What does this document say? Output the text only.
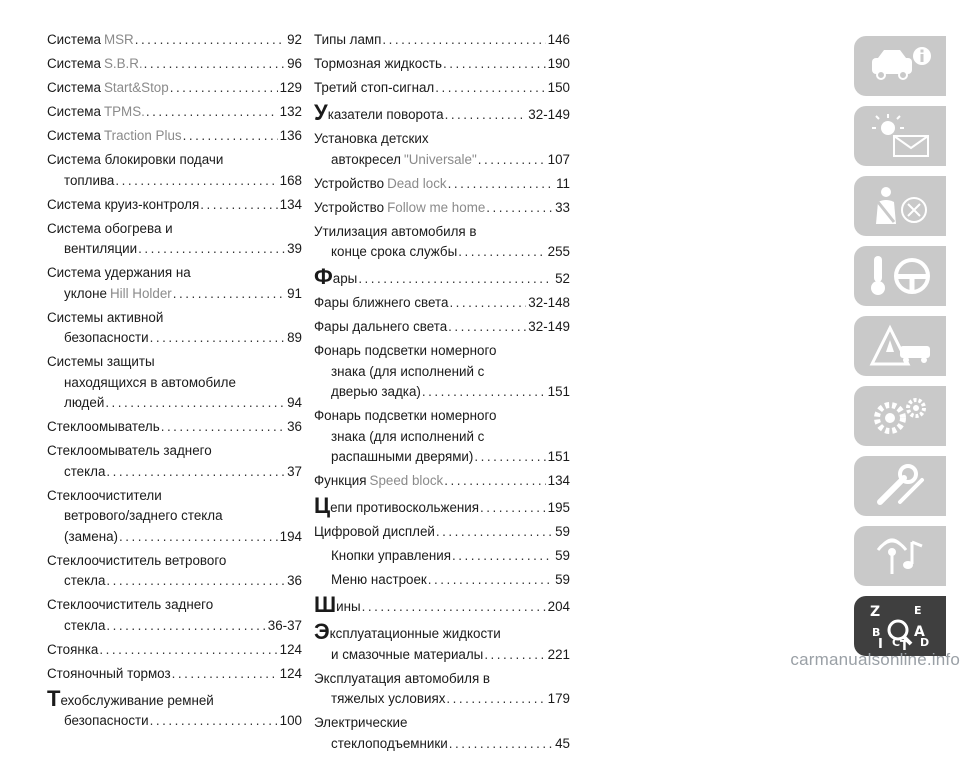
Система MSR . . .	92
Система S.B.R. . . .	96
Система Start&Stop . . .	129
Система TPMS. . . .	132
Система Traction Plus . . .	136
Система блокировки подачи
топлива . . .	168
Система круиз-контроля . . .	134
Система обогрева и
вентиляции . . .	39
Система удержания на
уклоне Hill Holder . . .	91
Системы активной
безопасности . . .	89
Системы защиты
находящихся в автомобиле
людей . . .	94
Стеклоомыватель . . .	36
Стеклоомыватель заднего
стекла . . .	37
Стеклоочистители
ветрового/заднего стекла
(замена) . . .	194
Стеклоочиститель ветрового
стекла . . .	36
Стеклоочиститель заднего
стекла . . .	36-37
Стоянка . . .	124
Стояночный тормоз . . .	124
Т ехобслуживание ремней
безопасности . . .	100
Типы ламп . . .	146
Тормозная жидкость . . .	190
Третий стоп-сигнал . . .	150
У казатели поворота . . .	32-149
Установка детских
автокресел "Universale" . . .	107
Устройство Dead lock . . .	11
Устройство Follow me home . . .	33
Утилизация автомобиля в
конце срока службы . . .	255
Ф ары . . .	52
Фары ближнего света . . .	32-148
Фары дальнего света . . .	32-149
Фонарь подсветки номерного
знака (для исполнений с
дверью задка) . . .	151
Фонарь подсветки номерного
знака (для исполнений с
распашными дверями) . . .	151
Функция Speed block . . .	134
Ц епи противоскольжения . . .	195
Цифровой дисплей . . .	59
Кнопки управления . . .	59
Меню настроек . . .	59
Ш ины . . .	204
Э ксплуатационные жидкости
и смазочные материалы . . .	221
Эксплуатация автомобиля в
тяжелых условиях . . .	179
Электрические
стеклоподъемники . . .	45
Z	E
B A
I C T D
carmanualsonline.info
